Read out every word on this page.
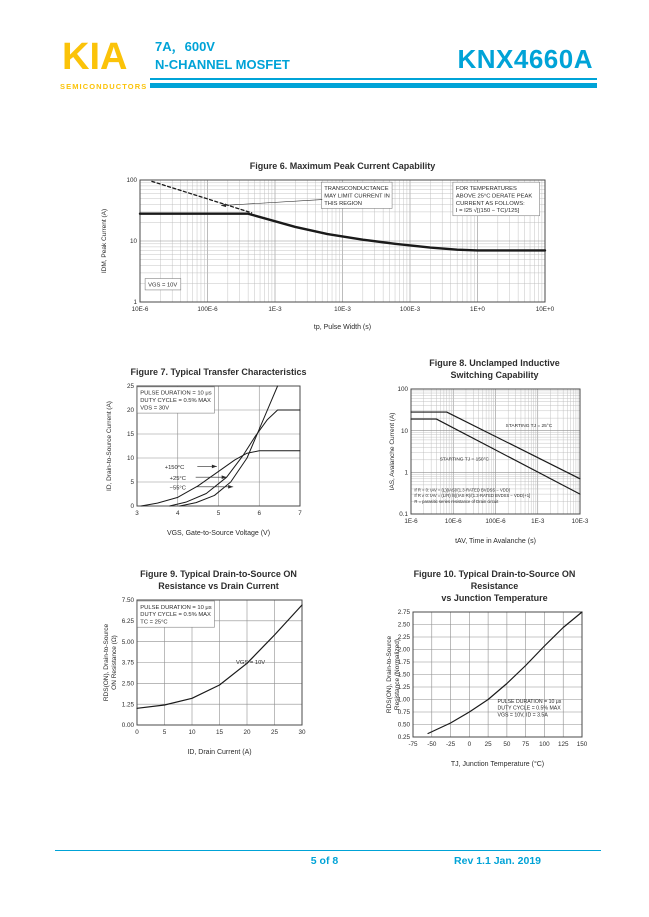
KIA
SEMICONDUCTORS
7A，600V
N-CHANNEL MOSFET	KNX4660A
Figure 6. Maximum Peak Current Capability
10E-6	100E-6	1E-3	10E-3	100E-3	1E+0	10E+0
1
10
100
tp, Pulse Width (s)
IDM, Peak Current (A)
TRANSCONDUCTANCE
MAY LIMIT CURRENT IN
THIS REGION
FOR TEMPERATURES
ABOVE 25°C DERATE PEAK
CURRENT AS FOLLOWS:
I = I25 √[(150 − TC)/125]
VGS = 10V
Figure 7. Typical Transfer Characteristics
3	4	5	6	7
0
5
10
15
20
25
VGS, Gate-to-Source Voltage (V)
ID, Drain-to-Source Current (A)
PULSE DURATION = 10 μs
DUTY CYCLE = 0.5% MAX
VDS = 30V
+150°C
+25°C
−55°C
Figure 8. Unclamped Inductive
Switching Capability
1E-6	10E-6	100E-6	1E-3	10E-3
0.1
1
10
100
tAV, Time in Avalanche (s)
IAS, Avalanche Current (A)	STARTING TJ = 25°C
STARTING TJ = 150°C
If R = 0: tAV = (L)(IAS)/(1.3·RATED BVDSS − VDD)
If R ≠ 0: tAV = (L/R) ln[(IAS·R)/(1.3·RATED BVDSS − VDD)+1]
R = parasitic series resistance of Drain circuit
Figure 9. Typical Drain-to-Source ON
Resistance vs Drain Current
0	5	10	15	20	25	30
0.00
1.25
2.50
3.75
5.00
6.25
7.50
ID, Drain Current (A)
RDS(ON), Drain-to-Source ON Resistance (Ω)
PULSE DURATION = 10 μs
DUTY CYCLE = 0.5% MAX
TC = 25°C
VGS = 10V
Figure 10. Typical Drain-to-Source ON Resistance
vs Junction Temperature
-75 -50 -25 0 25 50 75 100 125 150
0.25
0.50
0.75
1.00
1.25
1.50
1.75
2.00
2.25
2.50
2.75
TJ, Junction Temperature (°C)
RDS(ON), Drain-to-Source Resistance (Normalized)	PULSE DURATION = 10 μs
DUTY CYCLE = 0.5% MAX
VGS = 10V, ID = 3.5A
5 of 8	Rev 1.1 Jan. 2019
